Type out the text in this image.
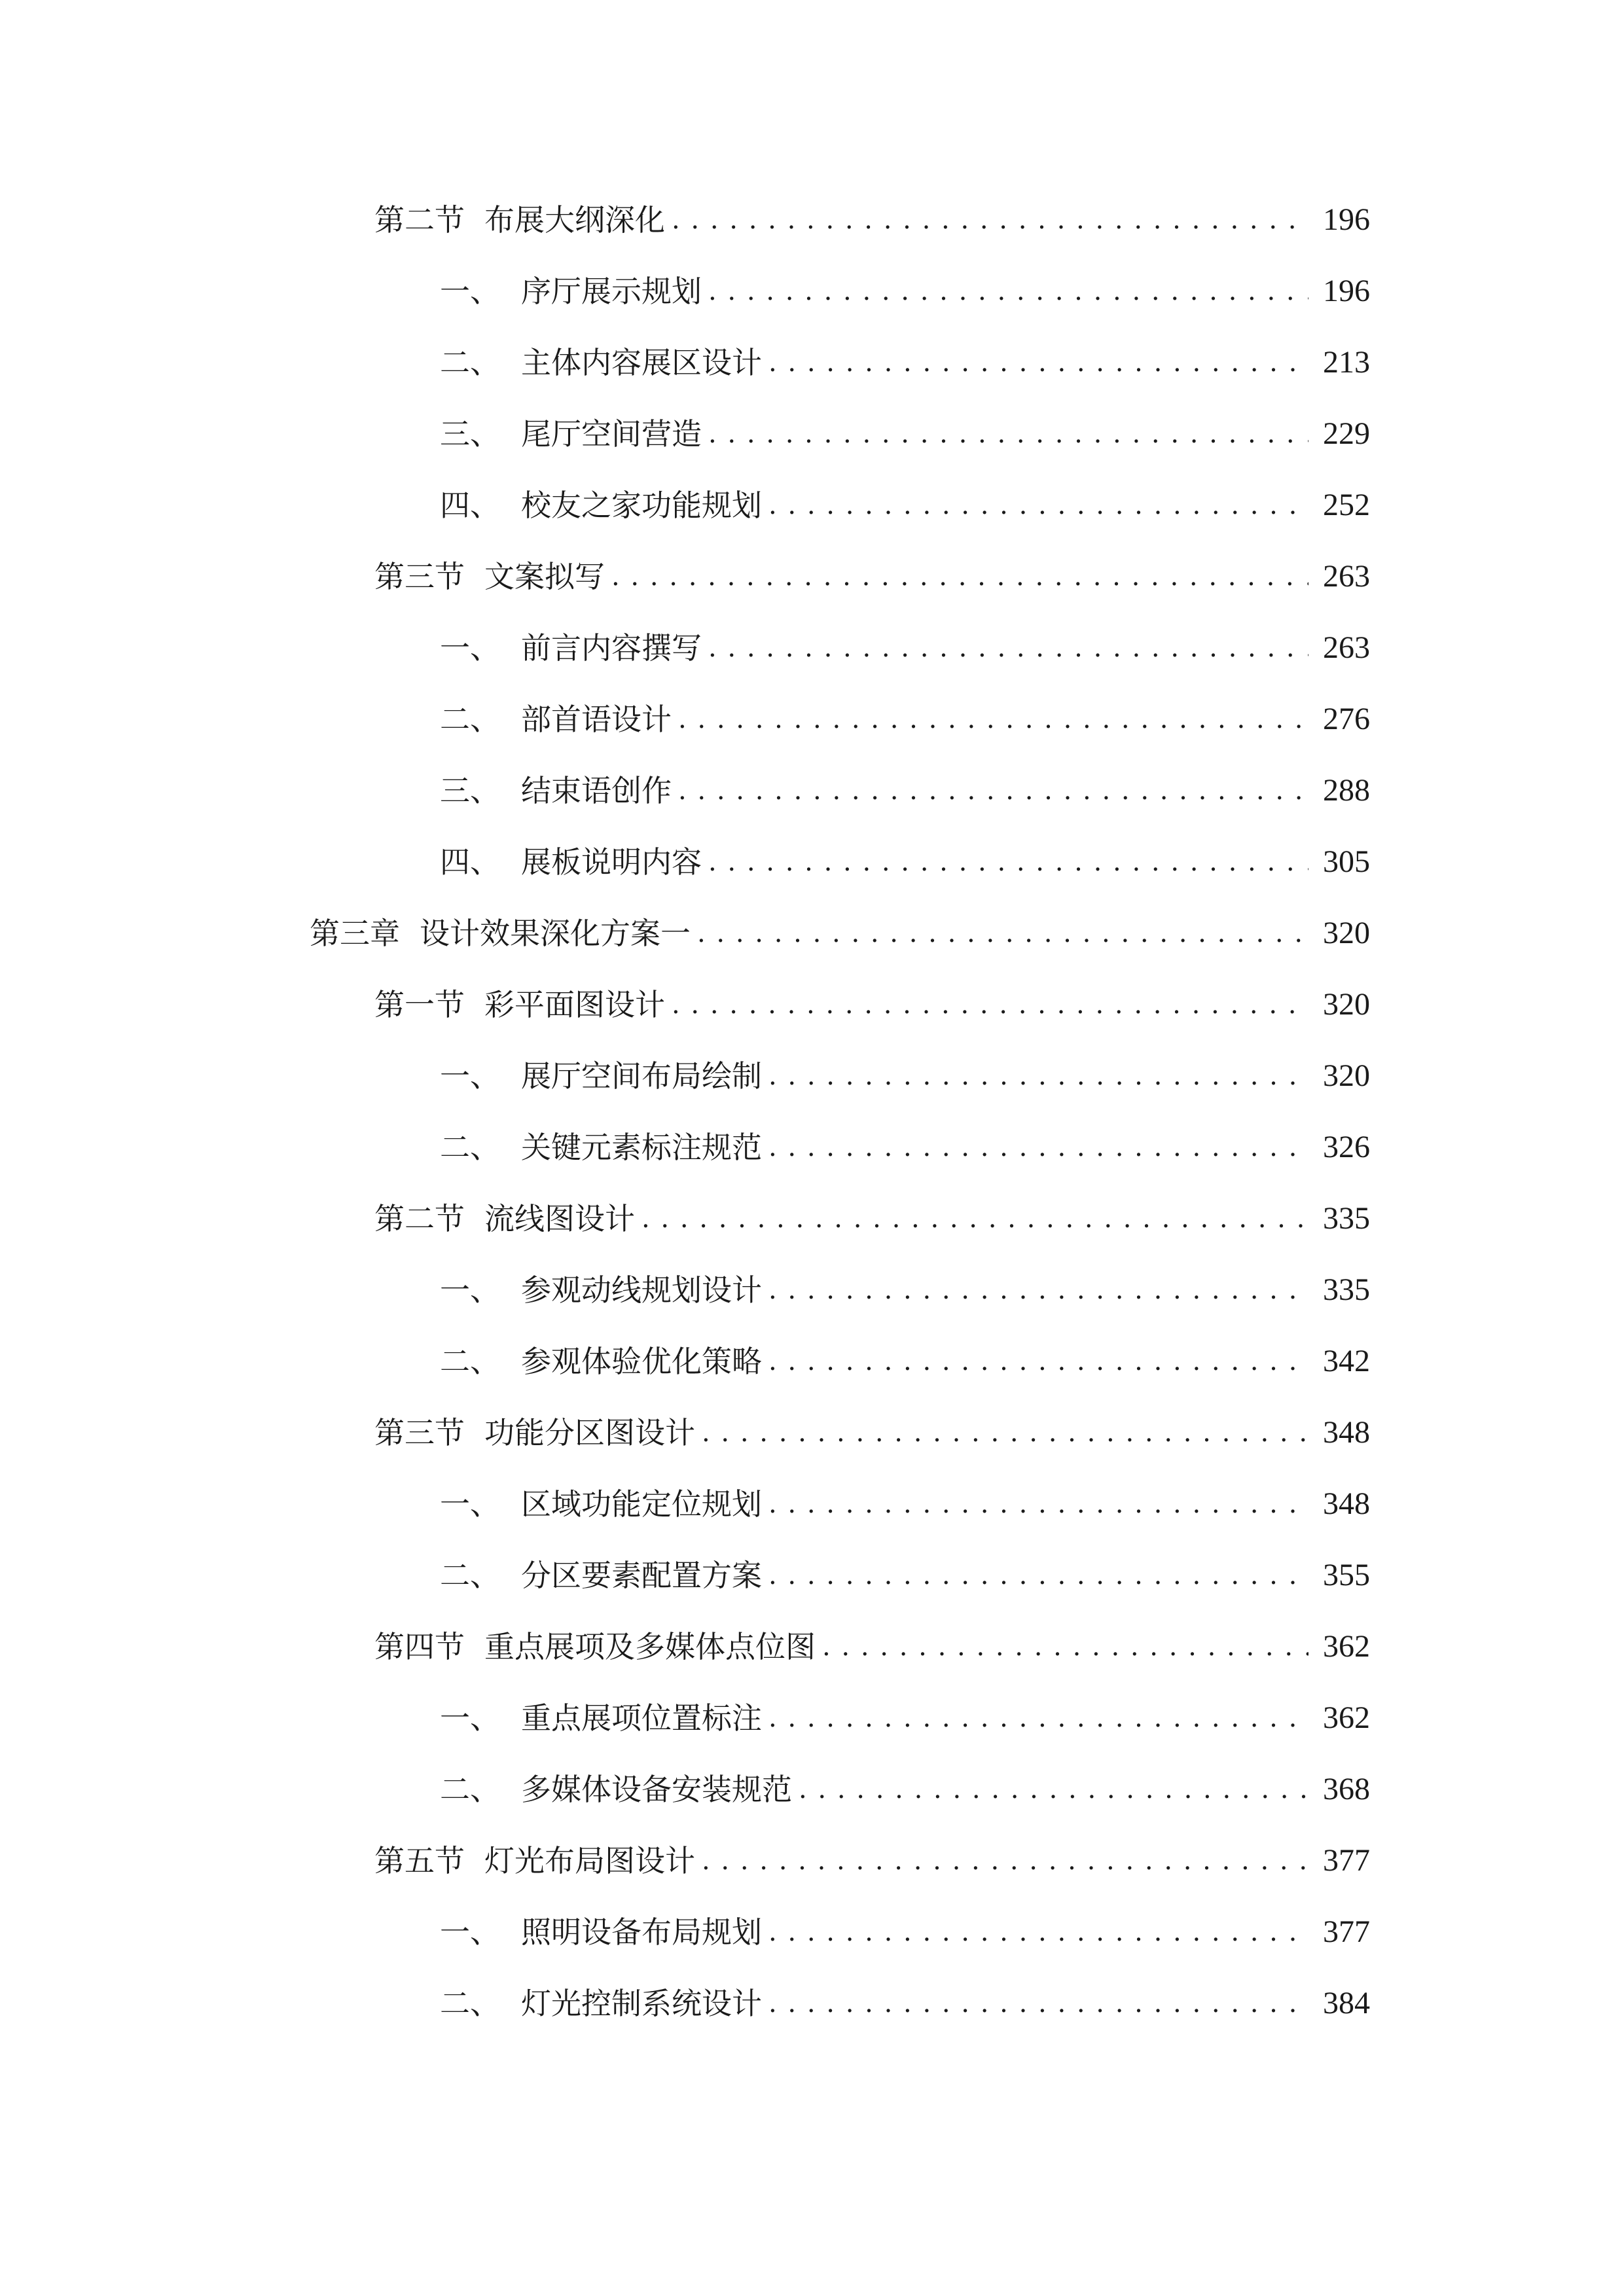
第二节 布展大纲深化 . . .	196
一、 序厅展示规划 . . .	196
二、 主体内容展区设计 . . .	213
三、 尾厅空间营造 . . .	229
四、 校友之家功能规划 . . .	252
第三节 文案拟写 . . .	263
一、 前言内容撰写 . . .	263
二、 部首语设计 . . .	276
三、 结束语创作 . . .	288
四、 展板说明内容 . . .	305
第三章 设计效果深化方案一 . . .	320
第一节 彩平面图设计 . . .	320
一、 展厅空间布局绘制 . . .	320
二、 关键元素标注规范 . . .	326
第二节 流线图设计 . . .	335
一、 参观动线规划设计 . . .	335
二、 参观体验优化策略 . . .	342
第三节 功能分区图设计 . . .	348
一、 区域功能定位规划 . . .	348
二、 分区要素配置方案 . . .	355
第四节 重点展项及多媒体点位图 . . .	362
一、 重点展项位置标注 . . .	362
二、 多媒体设备安装规范 . . .	368
第五节 灯光布局图设计 . . .	377
一、 照明设备布局规划 . . .	377
二、 灯光控制系统设计 . . .	384
